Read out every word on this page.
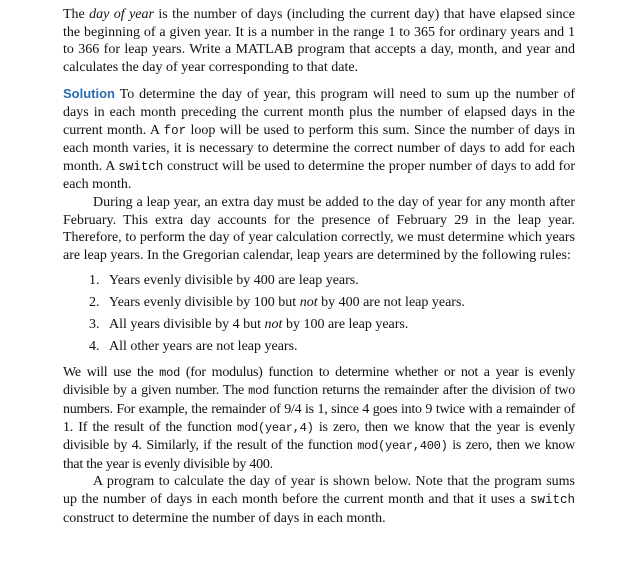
The day of year is the number of days (including the current day) that have elapsed since the beginning of a given year. It is a number in the range 1 to 365 for ordinary years and 1 to 366 for leap years. Write a MATLAB program that accepts a day, month, and year and calculates the day of year corresponding to that date.

Solution To determine the day of year, this program will need to sum up the number of days in each month preceding the current month plus the number of elapsed days in the current month. A for loop will be used to perform this sum. Since the number of days in each month varies, it is necessary to determine the correct number of days to add for each month. A switch construct will be used to determine the proper number of days to add for each month.

During a leap year, an extra day must be added to the day of year for any month after February. This extra day accounts for the presence of February 29 in the leap year. Therefore, to perform the day of year calculation correctly, we must determine which years are leap years. In the Gregorian calendar, leap years are determined by the following rules:

1. Years evenly divisible by 400 are leap years.
2. Years evenly divisible by 100 but not by 400 are not leap years.
3. All years divisible by 4 but not by 100 are leap years.
4. All other years are not leap years.

We will use the mod (for modulus) function to determine whether or not a year is evenly divisible by a given number. The mod function returns the remainder after the division of two numbers. For example, the remainder of 9/4 is 1, since 4 goes into 9 twice with a remainder of 1. If the result of the function mod(year,4) is zero, then we know that the year is evenly divisible by 4. Similarly, if the result of the function mod(year,400) is zero, then we know that the year is evenly divisible by 400.

A program to calculate the day of year is shown below. Note that the program sums up the number of days in each month before the current month and that it uses a switch construct to determine the number of days in each month.
